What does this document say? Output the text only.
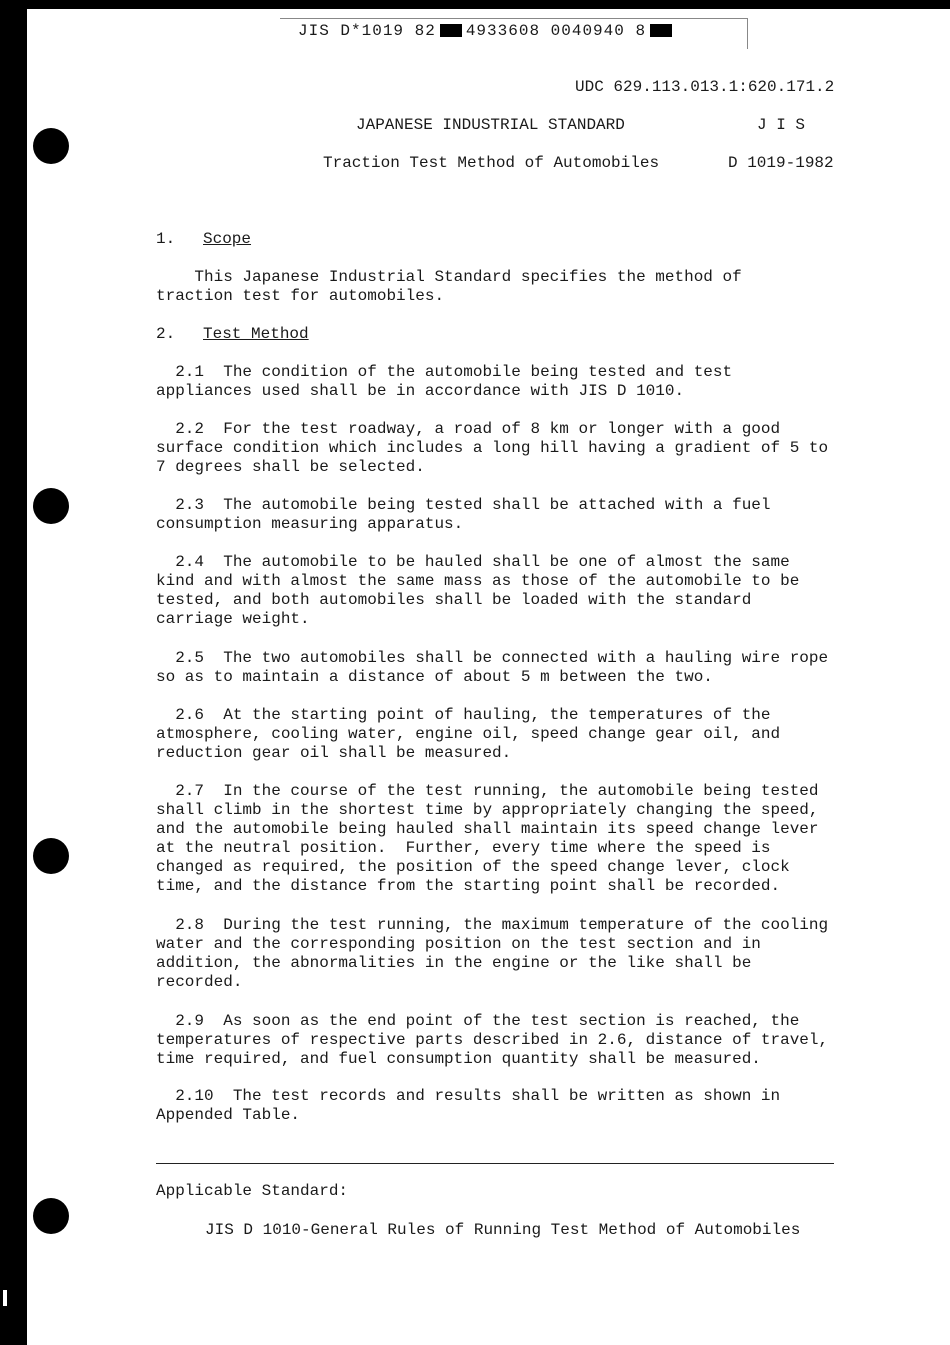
JIS D*1019 82 4933608 0040940 8
UDC 629.113.013.1:620.171.2
JAPANESE INDUSTRIAL STANDARD	J I S
Traction Test Method of Automobiles	D 1019-1982
1. Scope
This Japanese Industrial Standard specifies the method of
traction test for automobiles.
2. Test Method
2.1  The condition of the automobile being tested and test
appliances used shall be in accordance with JIS D 1010.
2.2  For the test roadway, a road of 8 km or longer with a good
surface condition which includes a long hill having a gradient of 5 to
7 degrees shall be selected.
2.3  The automobile being tested shall be attached with a fuel
consumption measuring apparatus.
2.4  The automobile to be hauled shall be one of almost the same
kind and with almost the same mass as those of the automobile to be
tested, and both automobiles shall be loaded with the standard
carriage weight.
2.5  The two automobiles shall be connected with a hauling wire rope
so as to maintain a distance of about 5 m between the two.
2.6  At the starting point of hauling, the temperatures of the
atmosphere, cooling water, engine oil, speed change gear oil, and
reduction gear oil shall be measured.
2.7  In the course of the test running, the automobile being tested
shall climb in the shortest time by appropriately changing the speed,
and the automobile being hauled shall maintain its speed change lever
at the neutral position.  Further, every time where the speed is
changed as required, the position of the speed change lever, clock
time, and the distance from the starting point shall be recorded.
2.8  During the test running, the maximum temperature of the cooling
water and the corresponding position on the test section and in
addition, the abnormalities in the engine or the like shall be
recorded.
2.9  As soon as the end point of the test section is reached, the
temperatures of respective parts described in 2.6, distance of travel,
time required, and fuel consumption quantity shall be measured.
2.10  The test records and results shall be written as shown in
Appended Table.
Applicable Standard:
JIS D 1010-General Rules of Running Test Method of Automobiles
